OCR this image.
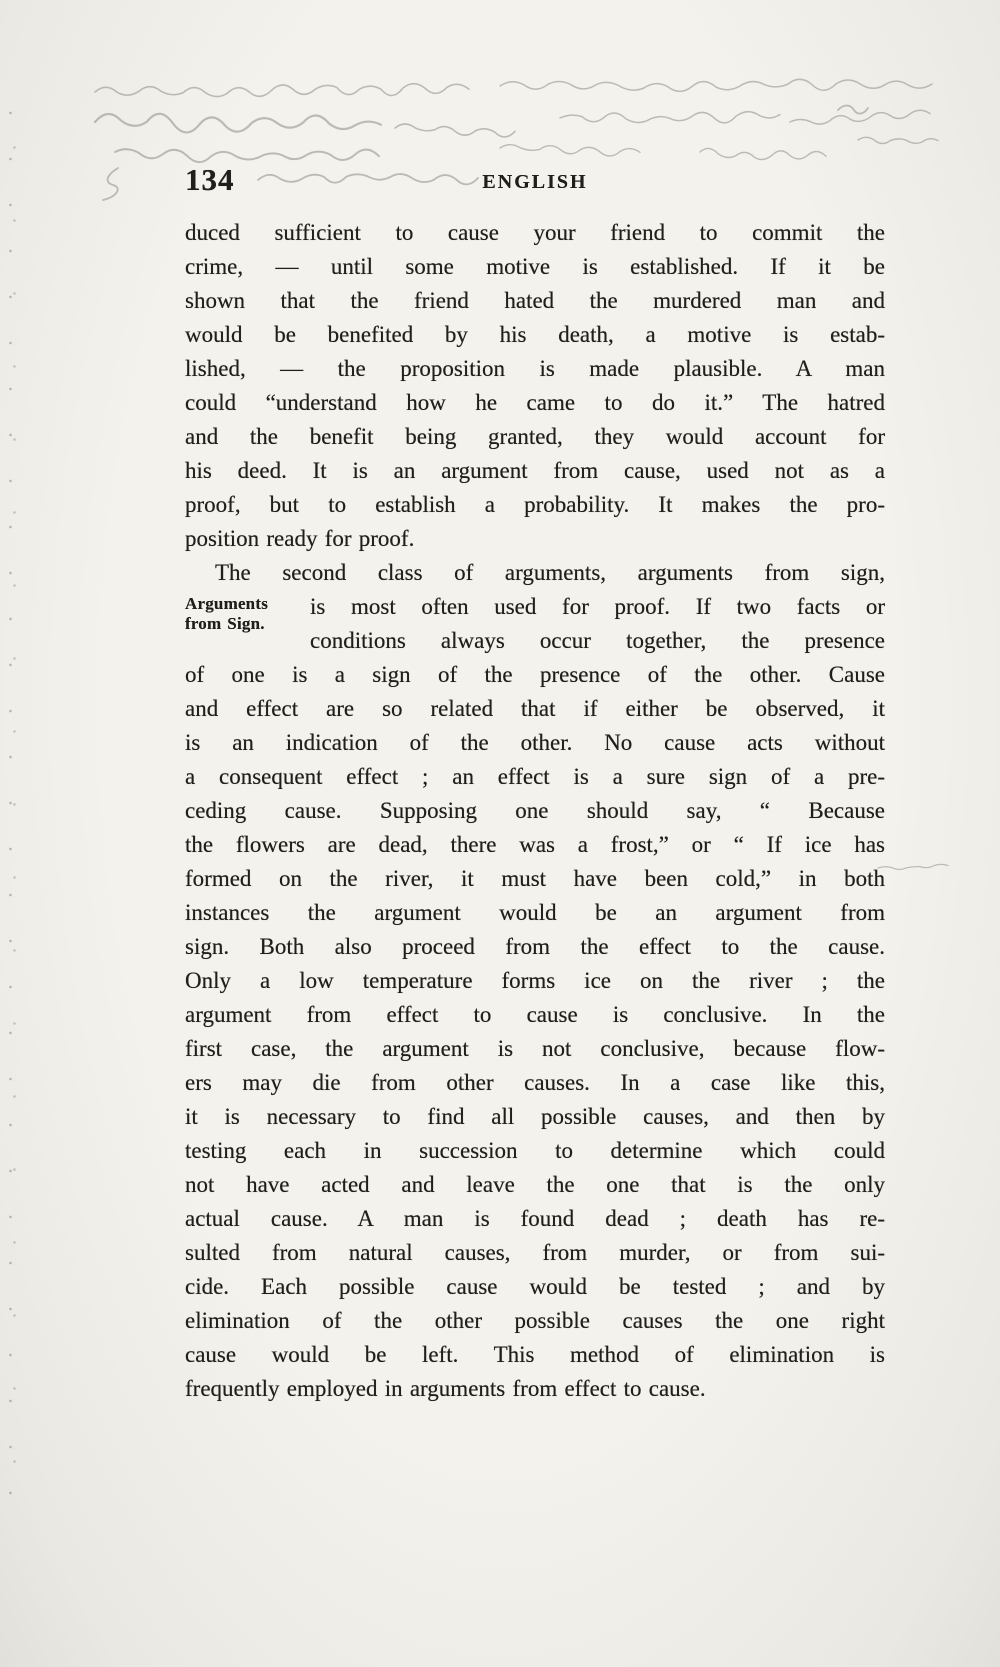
134	ENGLISH
duced sufficient to cause your friend to commit the
crime, — until some motive is established. If it be
shown that the friend hated the murdered man and
would be benefited by his death, a motive is estab-
lished, — the proposition is made plausible. A man
could “understand how he came to do it.” The hatred
and the benefit being granted, they would account for
his deed. It is an argument from cause, used not as a
proof, but to establish a probability. It makes the pro-
position ready for proof.
Arguments
from Sign.
The second class of arguments, arguments from sign,
is most often used for proof. If two facts or
conditions always occur together, the presence
of one is a sign of the presence of the other. Cause
and effect are so related that if either be observed, it
is an indication of the other. No cause acts without
a consequent effect ; an effect is a sure sign of a pre-
ceding cause. Supposing one should say, “ Because
the flowers are dead, there was a frost,” or “ If ice has
formed on the river, it must have been cold,” in both
instances the argument would be an argument from
sign. Both also proceed from the effect to the cause.
Only a low temperature forms ice on the river ; the
argument from effect to cause is conclusive. In the
first case, the argument is not conclusive, because flow-
ers may die from other causes. In a case like this,
it is necessary to find all possible causes, and then by
testing each in succession to determine which could
not have acted and leave the one that is the only
actual cause. A man is found dead ; death has re-
sulted from natural causes, from murder, or from sui-
cide. Each possible cause would be tested ; and by
elimination of the other possible causes the one right
cause would be left. This method of elimination is
frequently employed in arguments from effect to cause.
